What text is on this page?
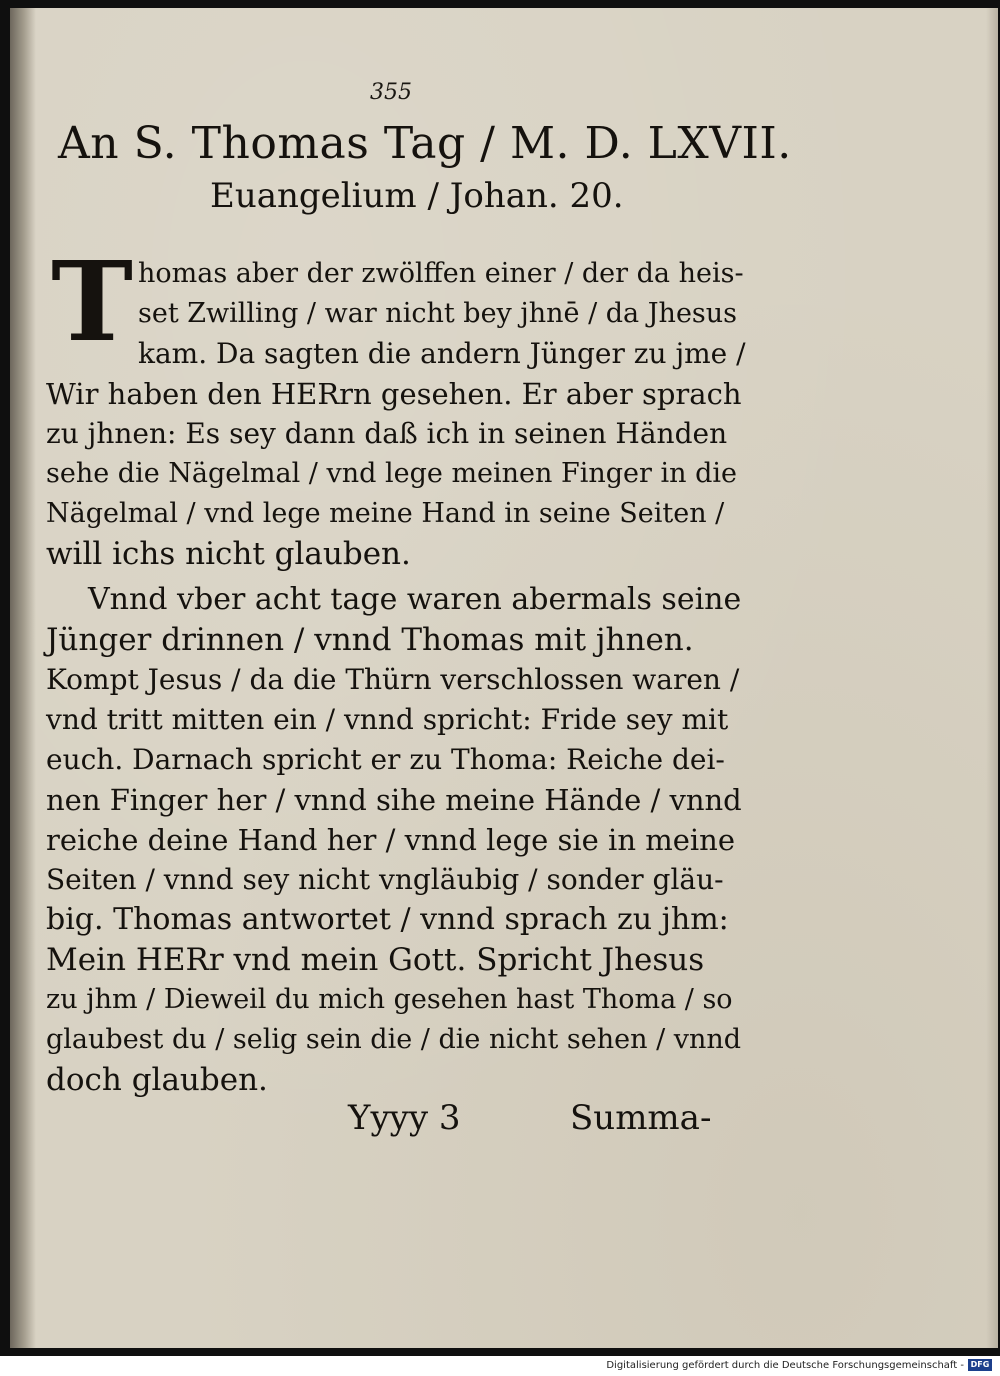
355
An S. Thomas Tag / M. D. LXVII.
Euangelium / Johan. 20.
T homas aber der zwölffen einer / der da heis-
set Zwilling / war nicht bey jhnē / da Jhesus
kam. Da sagten die andern Jünger zu jme /
Wir haben den HERrn gesehen. Er aber sprach
zu jhnen: Es sey dann daß ich in seinen Händen
sehe die Nägelmal / vnd lege meinen Finger in die
Nägelmal / vnd lege meine Hand in seine Seiten /
will ichs nicht glauben.
Vnnd vber acht tage waren abermals seine
Jünger drinnen / vnnd Thomas mit jhnen.
Kompt Jesus / da die Thürn verschlossen waren /
vnd tritt mitten ein / vnnd spricht: Fride sey mit
euch. Darnach spricht er zu Thoma: Reiche dei-
nen Finger her / vnnd sihe meine Hände / vnnd
reiche deine Hand her / vnnd lege sie in meine
Seiten / vnnd sey nicht vngläubig / sonder gläu-
big. Thomas antwortet / vnnd sprach zu jhm:
Mein HERr vnd mein Gott. Spricht Jhesus
zu jhm / Dieweil du mich gesehen hast Thoma / so
glaubest du / selig sein die / die nicht sehen / vnnd
doch glauben.
Yyyy 3	Summa-
Digitalisierung gefördert durch die Deutsche Forschungsgemeinschaft - DFG
